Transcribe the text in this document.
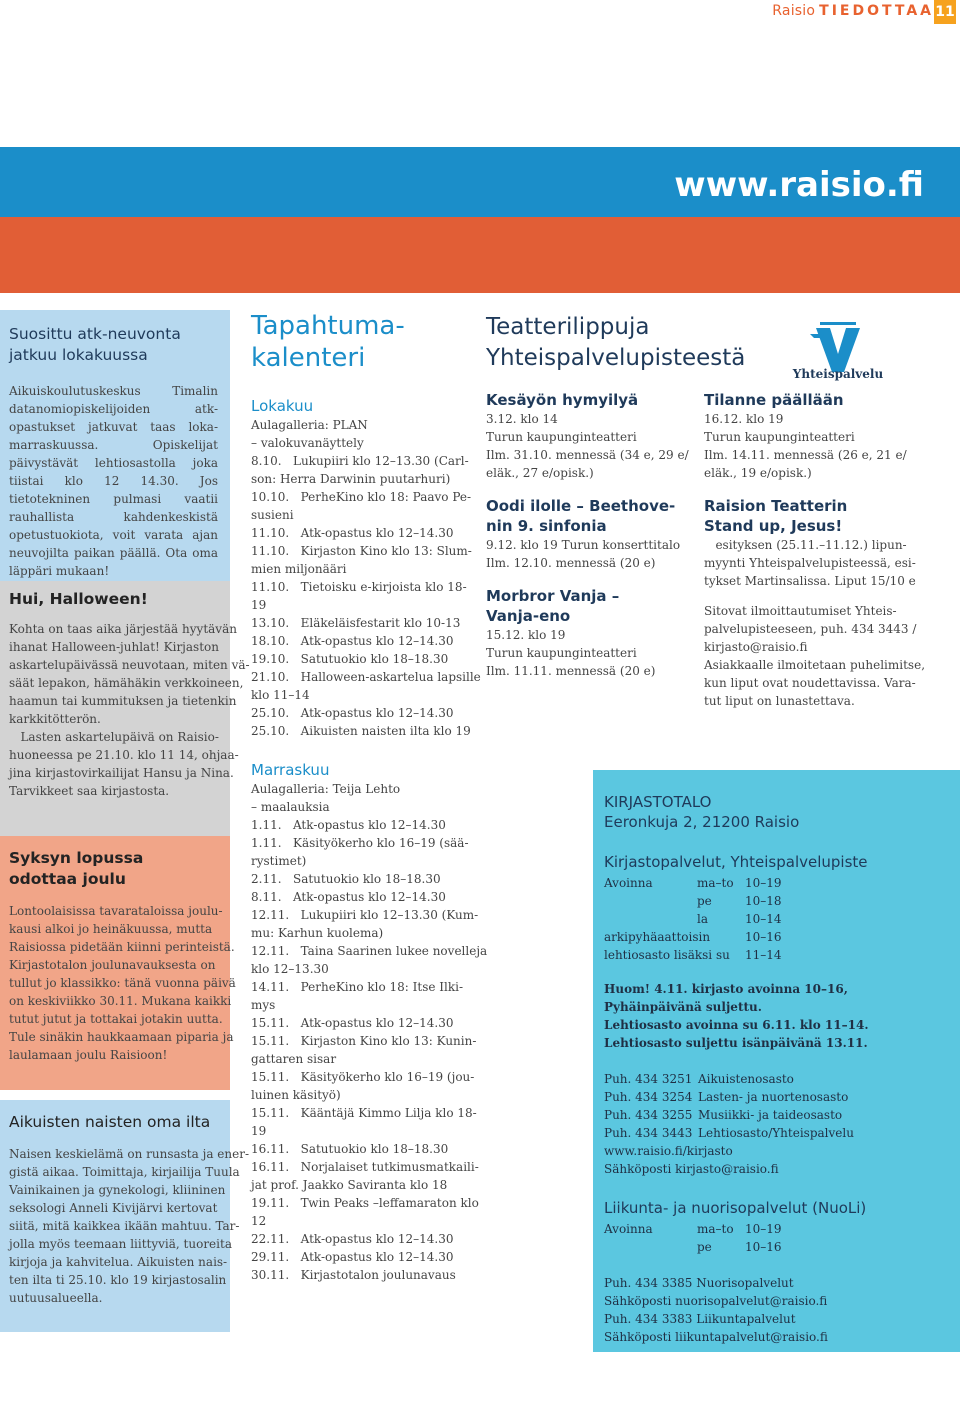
Raisio TIEDOTTAA 11
www.raisio.fi
Suosittu atk-neuvonta
jatkuu lokakuussa
Aikuiskoulutuskeskus Timalin datanomiopiskelijoiden atk-opastukset jatkuvat taas loka-marraskuussa. Opiskelijat päivystävät lehtiosastolla joka tiistai klo 12 14.30. Jos tietotekninen pulmasi vaatii rauhallista kahdenkeskistä opetustuokiota, voit varata ajan neuvojilta paikan päällä. Ota oma läppäri mukaan!
Hui, Halloween!
Kohta on taas aika järjestää hyytävän
ihanat Halloween-juhlat! Kirjaston
askartelupäivässä neuvotaan, miten vä-
säät lepakon, hämähäkin verkkoineen,
haamun tai kummituksen ja tietenkin
karkkitötterön.
Lasten askartelupäivä on Raisio-
huoneessa pe 21.10. klo 11 14, ohjaa-
jina kirjastovirkailijat Hansu ja Nina.
Tarvikkeet saa kirjastosta.
Syksyn lopussa
odottaa joulu
Lontoolaisissa tavarataloissa joulu-
kausi alkoi jo heinäkuussa, mutta
Raisiossa pidetään kiinni perinteistä.
Kirjastotalon joulunavauksesta on
tullut jo klassikko: tänä vuonna päivä
on keskiviikko 30.11. Mukana kaikki
tutut jutut ja tottakai jotakin uutta.
Tule sinäkin haukkaamaan piparia ja
laulamaan joulu Raisioon!
Aikuisten naisten oma ilta
Naisen keskielämä on runsasta ja ener-
gistä aikaa. Toimittaja, kirjailija Tuula
Vainikainen ja gynekologi, kliininen
seksologi Anneli Kivijärvi kertovat
siitä, mitä kaikkea ikään mahtuu. Tar-
jolla myös teemaan liittyviä, tuoreita
kirjoja ja kahvitelua. Aikuisten nais-
ten ilta ti 25.10. klo 19 kirjastosalin
uutuusalueella.
Tapahtuma-
kalenteri
Lokakuu
Aulagalleria: PLAN
– valokuvanäyttely
8.10.   Lukupiiri klo 12–13.30 (Carl-
son: Herra Darwinin puutarhuri)
10.10.   PerheKino klo 18: Paavo Pe-
susieni
11.10.   Atk-opastus klo 12–14.30
11.10.   Kirjaston Kino klo 13: Slum-
mien miljonääri
11.10.   Tietoisku e-kirjoista klo 18-
19
13.10.   Eläkeläisfestarit klo 10-13
18.10.   Atk-opastus klo 12–14.30
19.10.   Satutuokio klo 18–18.30
21.10.   Halloween-askartelua lapsille
klo 11–14
25.10.   Atk-opastus klo 12–14.30
25.10.   Aikuisten naisten ilta klo 19
Marraskuu
Aulagalleria: Teija Lehto
– maalauksia
1.11.   Atk-opastus klo 12–14.30
1.11.   Käsityökerho klo 16–19 (sää-
rystimet)
2.11.   Satutuokio klo 18–18.30
8.11.   Atk-opastus klo 12–14.30
12.11.   Lukupiiri klo 12–13.30 (Kum-
mu: Karhun kuolema)
12.11.   Taina Saarinen lukee novelleja
klo 12–13.30
14.11.   PerheKino klo 18: Itse Ilki-
mys
15.11.   Atk-opastus klo 12–14.30
15.11.   Kirjaston Kino klo 13: Kunin-
gattaren sisar
15.11.   Käsityökerho klo 16–19 (jou-
luinen käsityö)
15.11.   Kääntäjä Kimmo Lilja klo 18-
19
16.11.   Satutuokio klo 18–18.30
16.11.   Norjalaiset tutkimusmatkaili-
jat prof. Jaakko Saviranta klo 18
19.11.   Twin Peaks –leffamaraton klo
12
22.11.   Atk-opastus klo 12–14.30
29.11.   Atk-opastus klo 12–14.30
30.11.   Kirjastotalon joulunavaus
Teatterilippuja
Yhteispalvelupisteestä
Yhteispalvelu
Kesäyön hymyilyä
3.12. klo 14
Turun kaupunginteatteri
Ilm. 31.10. mennessä (34 e, 29 e/
eläk., 27 e/opisk.)
Oodi ilolle – Beethove-
nin 9. sinfonia
9.12. klo 19 Turun konserttitalo
Ilm. 12.10. mennessä (20 e)
Morbror Vanja –
Vanja-eno
15.12. klo 19
Turun kaupunginteatteri
Ilm. 11.11. mennessä (20 e)
Tilanne päällään
16.12. klo 19
Turun kaupunginteatteri
Ilm. 14.11. mennessä (26 e, 21 e/
eläk., 19 e/opisk.)
Raision Teatterin
Stand up, Jesus!
esityksen (25.11.–11.12.) lipun-
myynti Yhteispalvelupisteessä, esi-
tykset Martinsalissa. Liput 15/10 e
Sitovat ilmoittautumiset Yhteis-
palvelupisteeseen, puh. 434 3443 /
kirjasto@raisio.fi
Asiakkaalle ilmoitetaan puhelimitse,
kun liput ovat noudettavissa. Vara-
tut liput on lunastettava.
KIRJASTOTALO
Eeronkuja 2, 21200 Raisio
Kirjastopalvelut, Yhteispalvelupiste
Avoinna	ma–to 10–19
pe	10–18
la	10–14
arkipyhäaattoisin	10–16
lehtiosasto lisäksi su	11–14
Huom! 4.11. kirjasto avoinna 10–16,
Pyhäinpäivänä suljettu.
Lehtiosasto avoinna su 6.11. klo 11–14.
Lehtiosasto suljettu isänpäivänä 13.11.
Puh. 434 3251 Aikuistenosasto
Puh. 434 3254 Lasten- ja nuortenosasto
Puh. 434 3255 Musiikki- ja taideosasto
Puh. 434 3443 Lehtiosasto/Yhteispalvelu
www.raisio.fi/kirjasto
Sähköposti kirjasto@raisio.fi
Liikunta- ja nuorisopalvelut (NuoLi)
Avoinna	ma–to 10–19
pe	10–16
Puh. 434 3385 Nuorisopalvelut
Sähköposti nuorisopalvelut@raisio.fi
Puh. 434 3383 Liikuntapalvelut
Sähköposti liikuntapalvelut@raisio.fi
